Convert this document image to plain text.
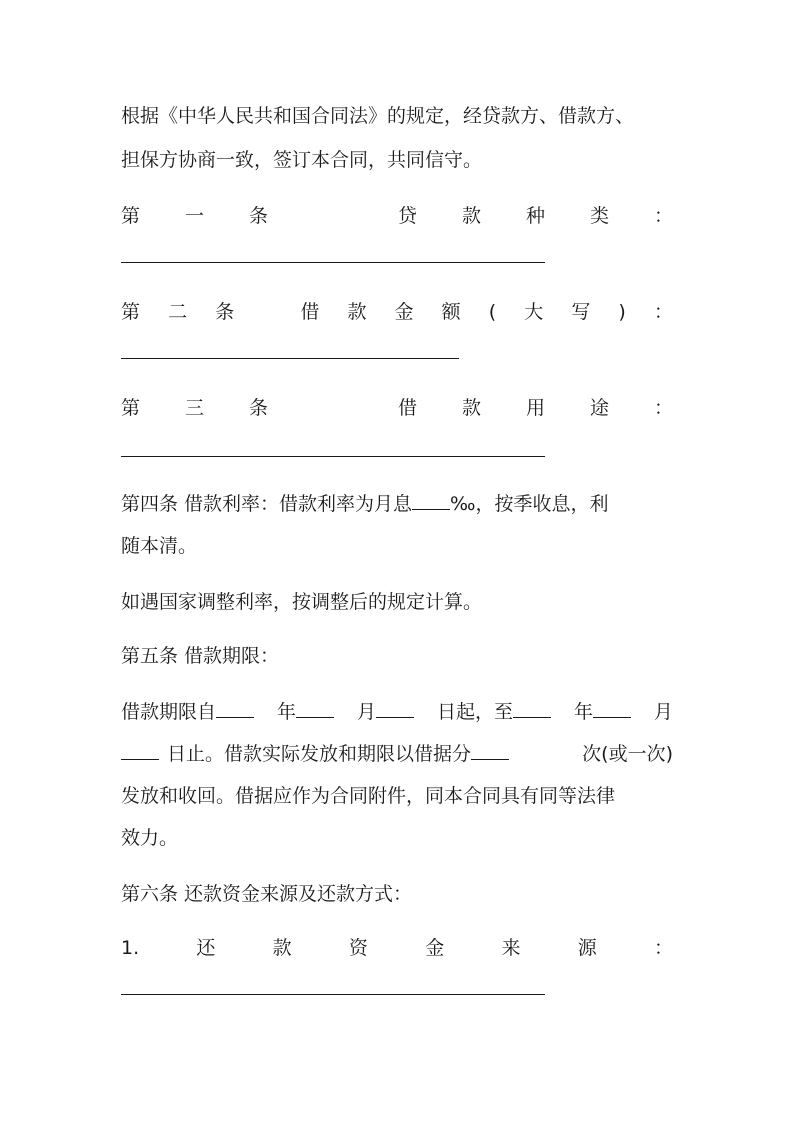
根据《中华人民共和国合同法》的规定，经贷款方、借款方、
担保方协商一致，签订本合同，共同信守。
第 一 条	贷 款 种 类 ：
第 二 条	借 款 金 额 ( 大 写 ) ：
第 三 条	借 款 用 途 ：
第四条 借款利率：借款利率为月息 ‰，按季收息，利
随本清。
如遇国家调整利率，按调整后的规定计算。
第五条 借款期限：
借款期限自	年	月	日起，至	年	月
日止。借款实际发放和期限以借据分	次(或一次)
发放和收回。借据应作为合同附件，同本合同具有同等法律
效力。
第六条 还款资金来源及还款方式：
1.	还	款	资	金	来	源	：
